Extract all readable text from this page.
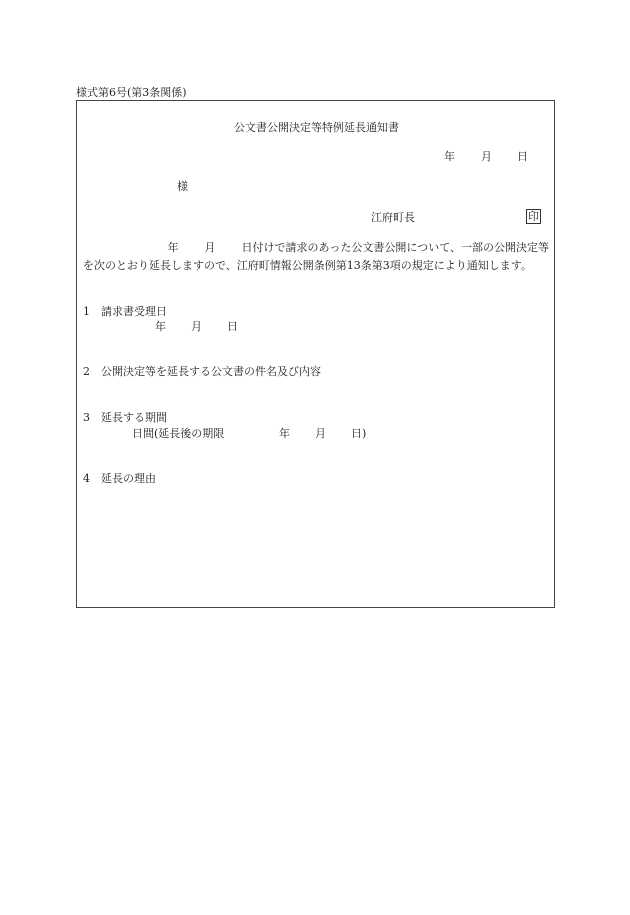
様式第6号(第3条関係)
公文書公開決定等特例延長通知書
年 月 日
様
江府町長	印
年 月 日付けで請求のあった公文書公開について、一部の公開決定等
を次のとおり延長しますので、江府町情報公開条例第13条第3項の規定により通知します。
1 請求書受理日
年 月 日
2 公開決定等を延長する公文書の件名及び内容
3 延長する期間
日間(延長後の期限	年 月 日)
4 延長の理由
